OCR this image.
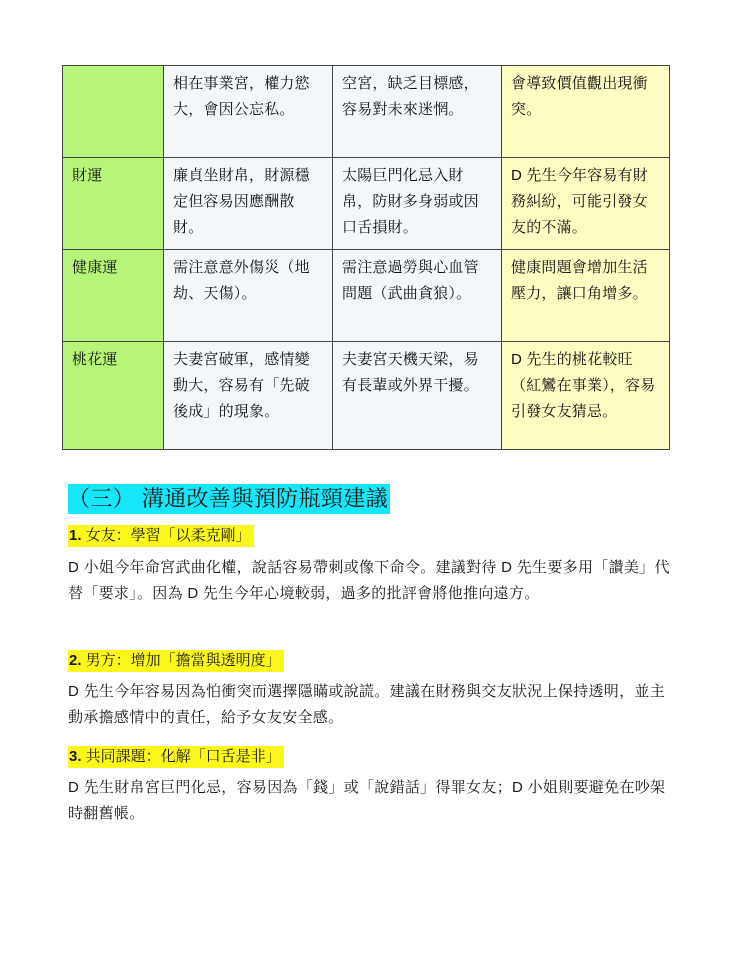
	相在事業宮，權力慾大，會因公忘私。	空宮，缺乏目標感，容易對未來迷惘。	會導致價值觀出現衝突。
財運	廉貞坐財帛，財源穩定但容易因應酬散財。	太陽巨門化忌入財帛，防財多身弱或因口舌損財。	D 先生今年容易有財務糾紛，可能引發女友的不滿。
健康運	需注意意外傷災（地劫、天傷）。	需注意過勞與心血管問題（武曲貪狼）。	健康問題會增加生活壓力，讓口角增多。
桃花運	夫妻宮破軍，感情變動大，容易有「先破後成」的現象。	夫妻宮天機天梁，易有長輩或外界干擾。	D 先生的桃花較旺（紅鸞在事業），容易引發女友猜忌。
（三） 溝通改善與預防瓶頸建議
1. 女友：學習「以柔克剛」
D 小姐今年命宮武曲化權，說話容易帶刺或像下命令。建議對待 D 先生要多用「讚美」代替「要求」。因為 D 先生今年心境較弱，過多的批評會將他推向遠方。
2. 男方：增加「擔當與透明度」
D 先生今年容易因為怕衝突而選擇隱瞞或說謊。建議在財務與交友狀況上保持透明，並主動承擔感情中的責任，給予女友安全感。
3. 共同課題：化解「口舌是非」
D 先生財帛宮巨門化忌，容易因為「錢」或「說錯話」得罪女友；D 小姐則要避免在吵架時翻舊帳。
